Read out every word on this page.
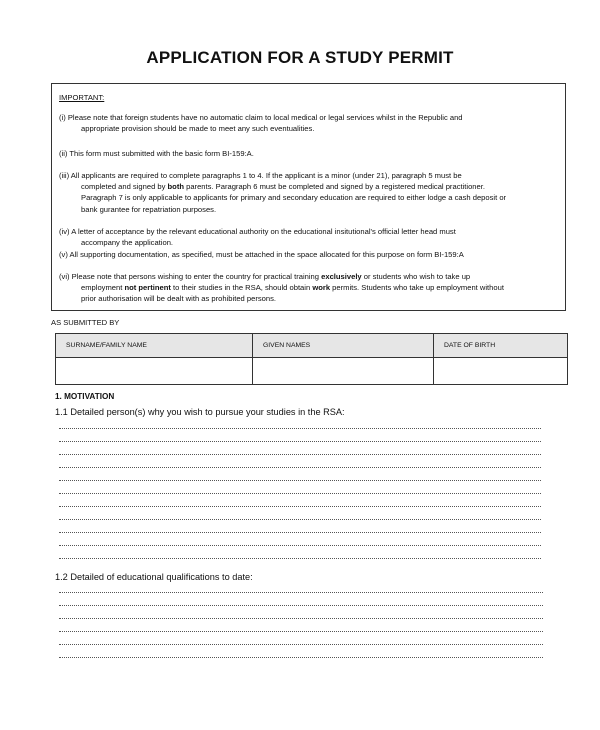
APPLICATION FOR A STUDY PERMIT
IMPORTANT:
(i) Please note that foreign students have no automatic claim to local medical or legal services whilst in the Republic and
appropriate provision should be made to meet any such eventualities.
(ii) This form must submitted with the basic form BI-159:A.
(iii) All applicants are required to complete paragraphs 1 to 4. If the applicant is a minor (under 21), paragraph 5 must be
completed and signed by both parents. Paragraph 6 must be completed and signed by a registered medical practitioner.
Paragraph 7 is only applicable to applicants for primary and secondary education are required to either lodge a cash deposit or
bank gurantee for repatriation purposes.
(iv) A letter of acceptance by the relevant educational authority on the educational insitutional's official letter head must
accompany the application.
(v) All supporting documentation, as specified, must be attached in the space allocated for this purpose on form BI-159:A
(vi) Please note that persons wishing to enter the country for practical training exclusively or students who wish to take up
employment not pertinent to their studies in the RSA, should obtain work permits. Students who take up employment without
prior authorisation will be dealt with as prohibited persons.
AS SUBMITTED BY
SURNAME/FAMILY NAME	GIVEN NAMES	DATE OF BIRTH

1. MOTIVATION
1.1 Detailed person(s) why you wish to pursue your studies in the RSA:
1.2 Detailed of educational qualifications to date:
